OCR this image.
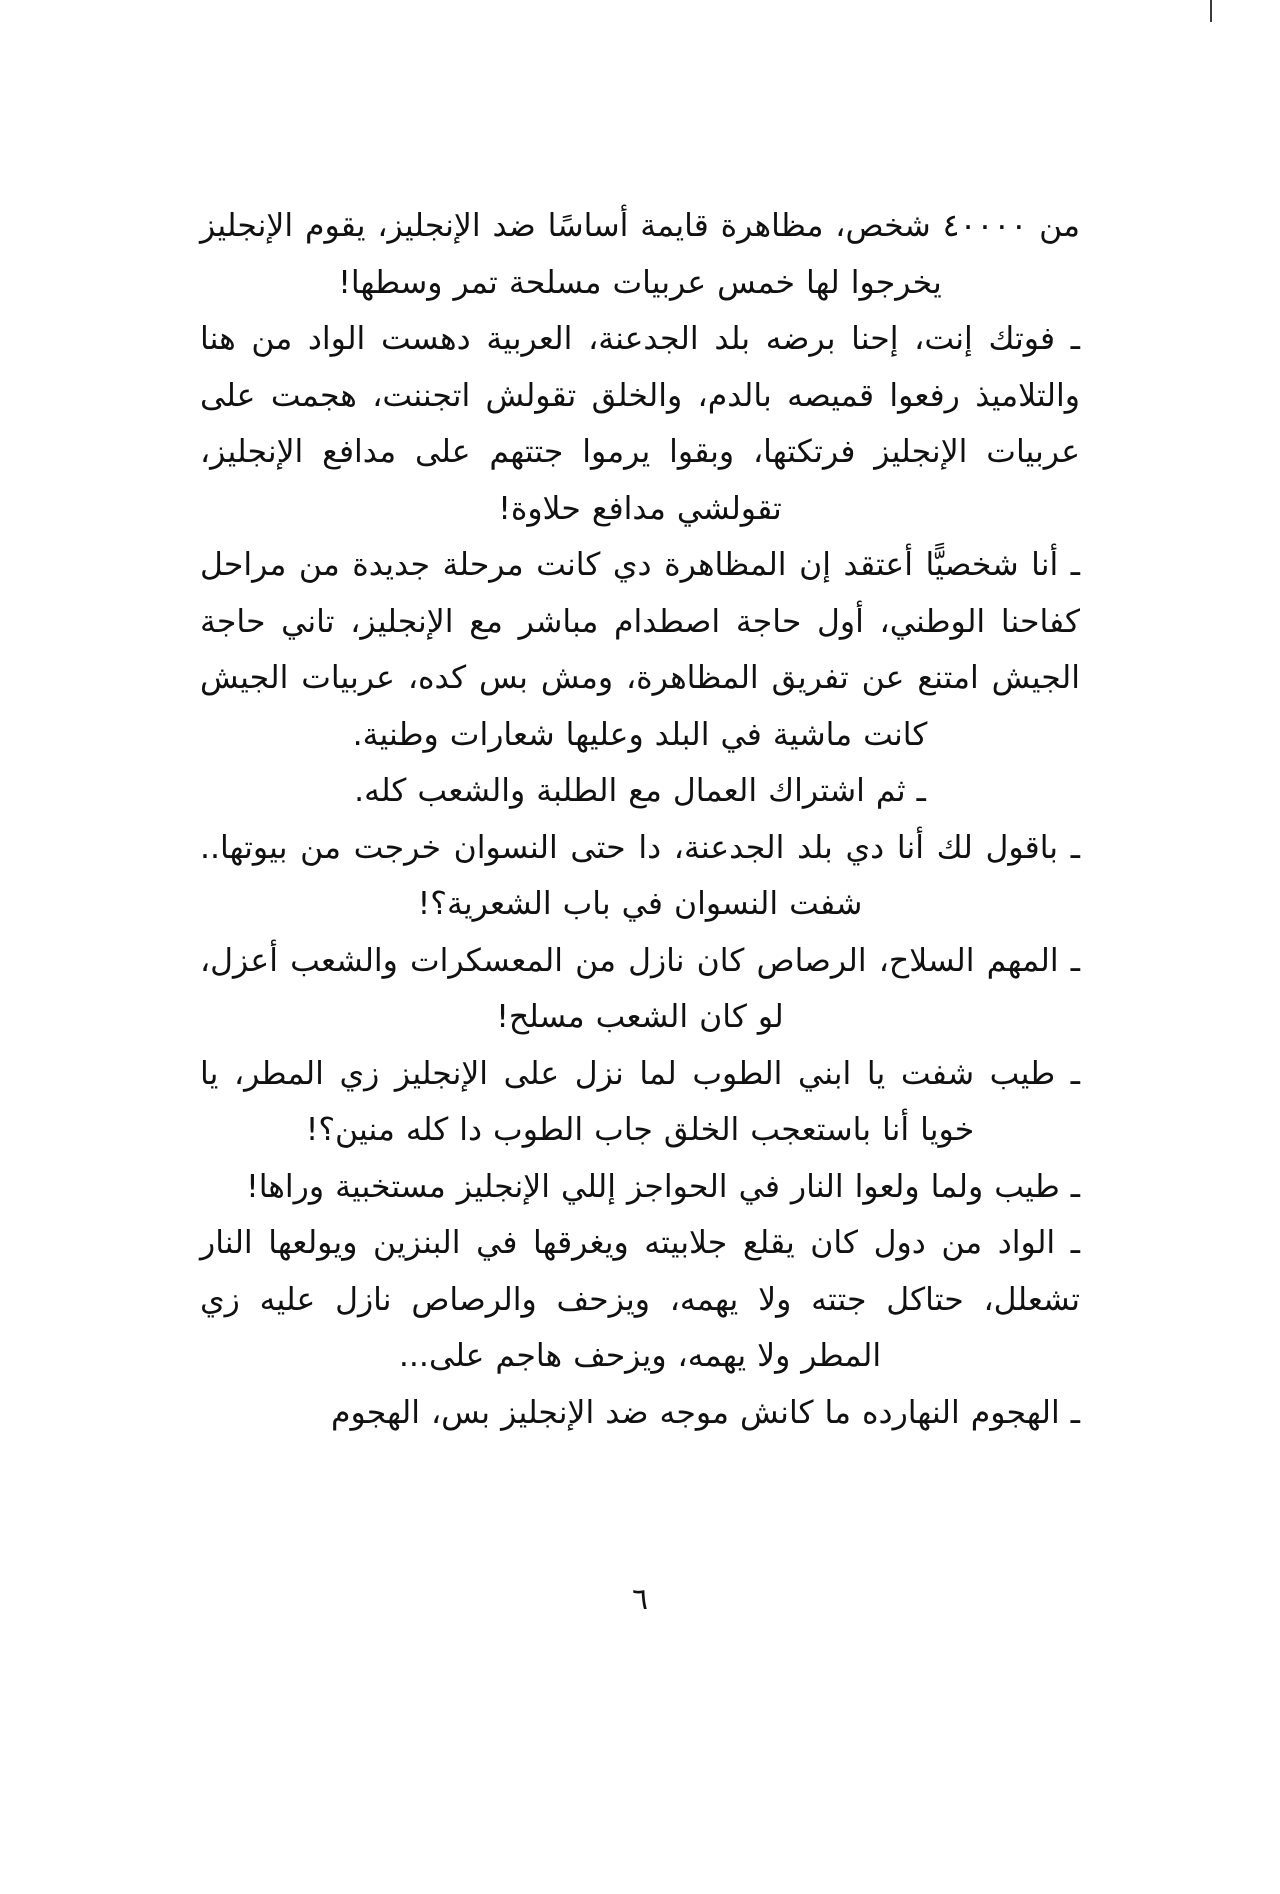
من ٤٠٠٠٠ شخص، مظاهرة قايمة أساسًا ضد الإنجليز، يقوم الإنجليز يخرجوا لها خمس عربيات مسلحة تمر وسطها!

ـ فوتك إنت، إحنا برضه بلد الجدعنة، العربية دهست الواد من هنا والتلاميذ رفعوا قميصه بالدم، والخلق تقولش اتجننت، هجمت على عربيات الإنجليز فرتكتها، وبقوا يرموا جتتهم على مدافع الإنجليز، تقولشي مدافع حلاوة!

ـ أنا شخصيًّا أعتقد إن المظاهرة دي كانت مرحلة جديدة من مراحل كفاحنا الوطني، أول حاجة اصطدام مباشر مع الإنجليز، تاني حاجة الجيش امتنع عن تفريق المظاهرة، ومش بس كده، عربيات الجيش كانت ماشية في البلد وعليها شعارات وطنية.

ـ ثم اشتراك العمال مع الطلبة والشعب كله.

ـ باقول لك أنا دي بلد الجدعنة، دا حتى النسوان خرجت من بيوتها.. شفت النسوان في باب الشعرية؟!

ـ المهم السلاح، الرصاص كان نازل من المعسكرات والشعب أعزل، لو كان الشعب مسلح!

ـ طيب شفت يا ابني الطوب لما نزل على الإنجليز زي المطر، يا خويا أنا باستعجب الخلق جاب الطوب دا كله منين؟!

ـ طيب ولما ولعوا النار في الحواجز إللي الإنجليز مستخبية وراها!

ـ الواد من دول كان يقلع جلابيته ويغرقها في البنزين ويولعها النار تشعلل، حتاكل جتته ولا يهمه، ويزحف والرصاص نازل عليه زي المطر ولا يهمه، ويزحف هاجم على...

ـ الهجوم النهارده ما كانش موجه ضد الإنجليز بس، الهجوم

٦
